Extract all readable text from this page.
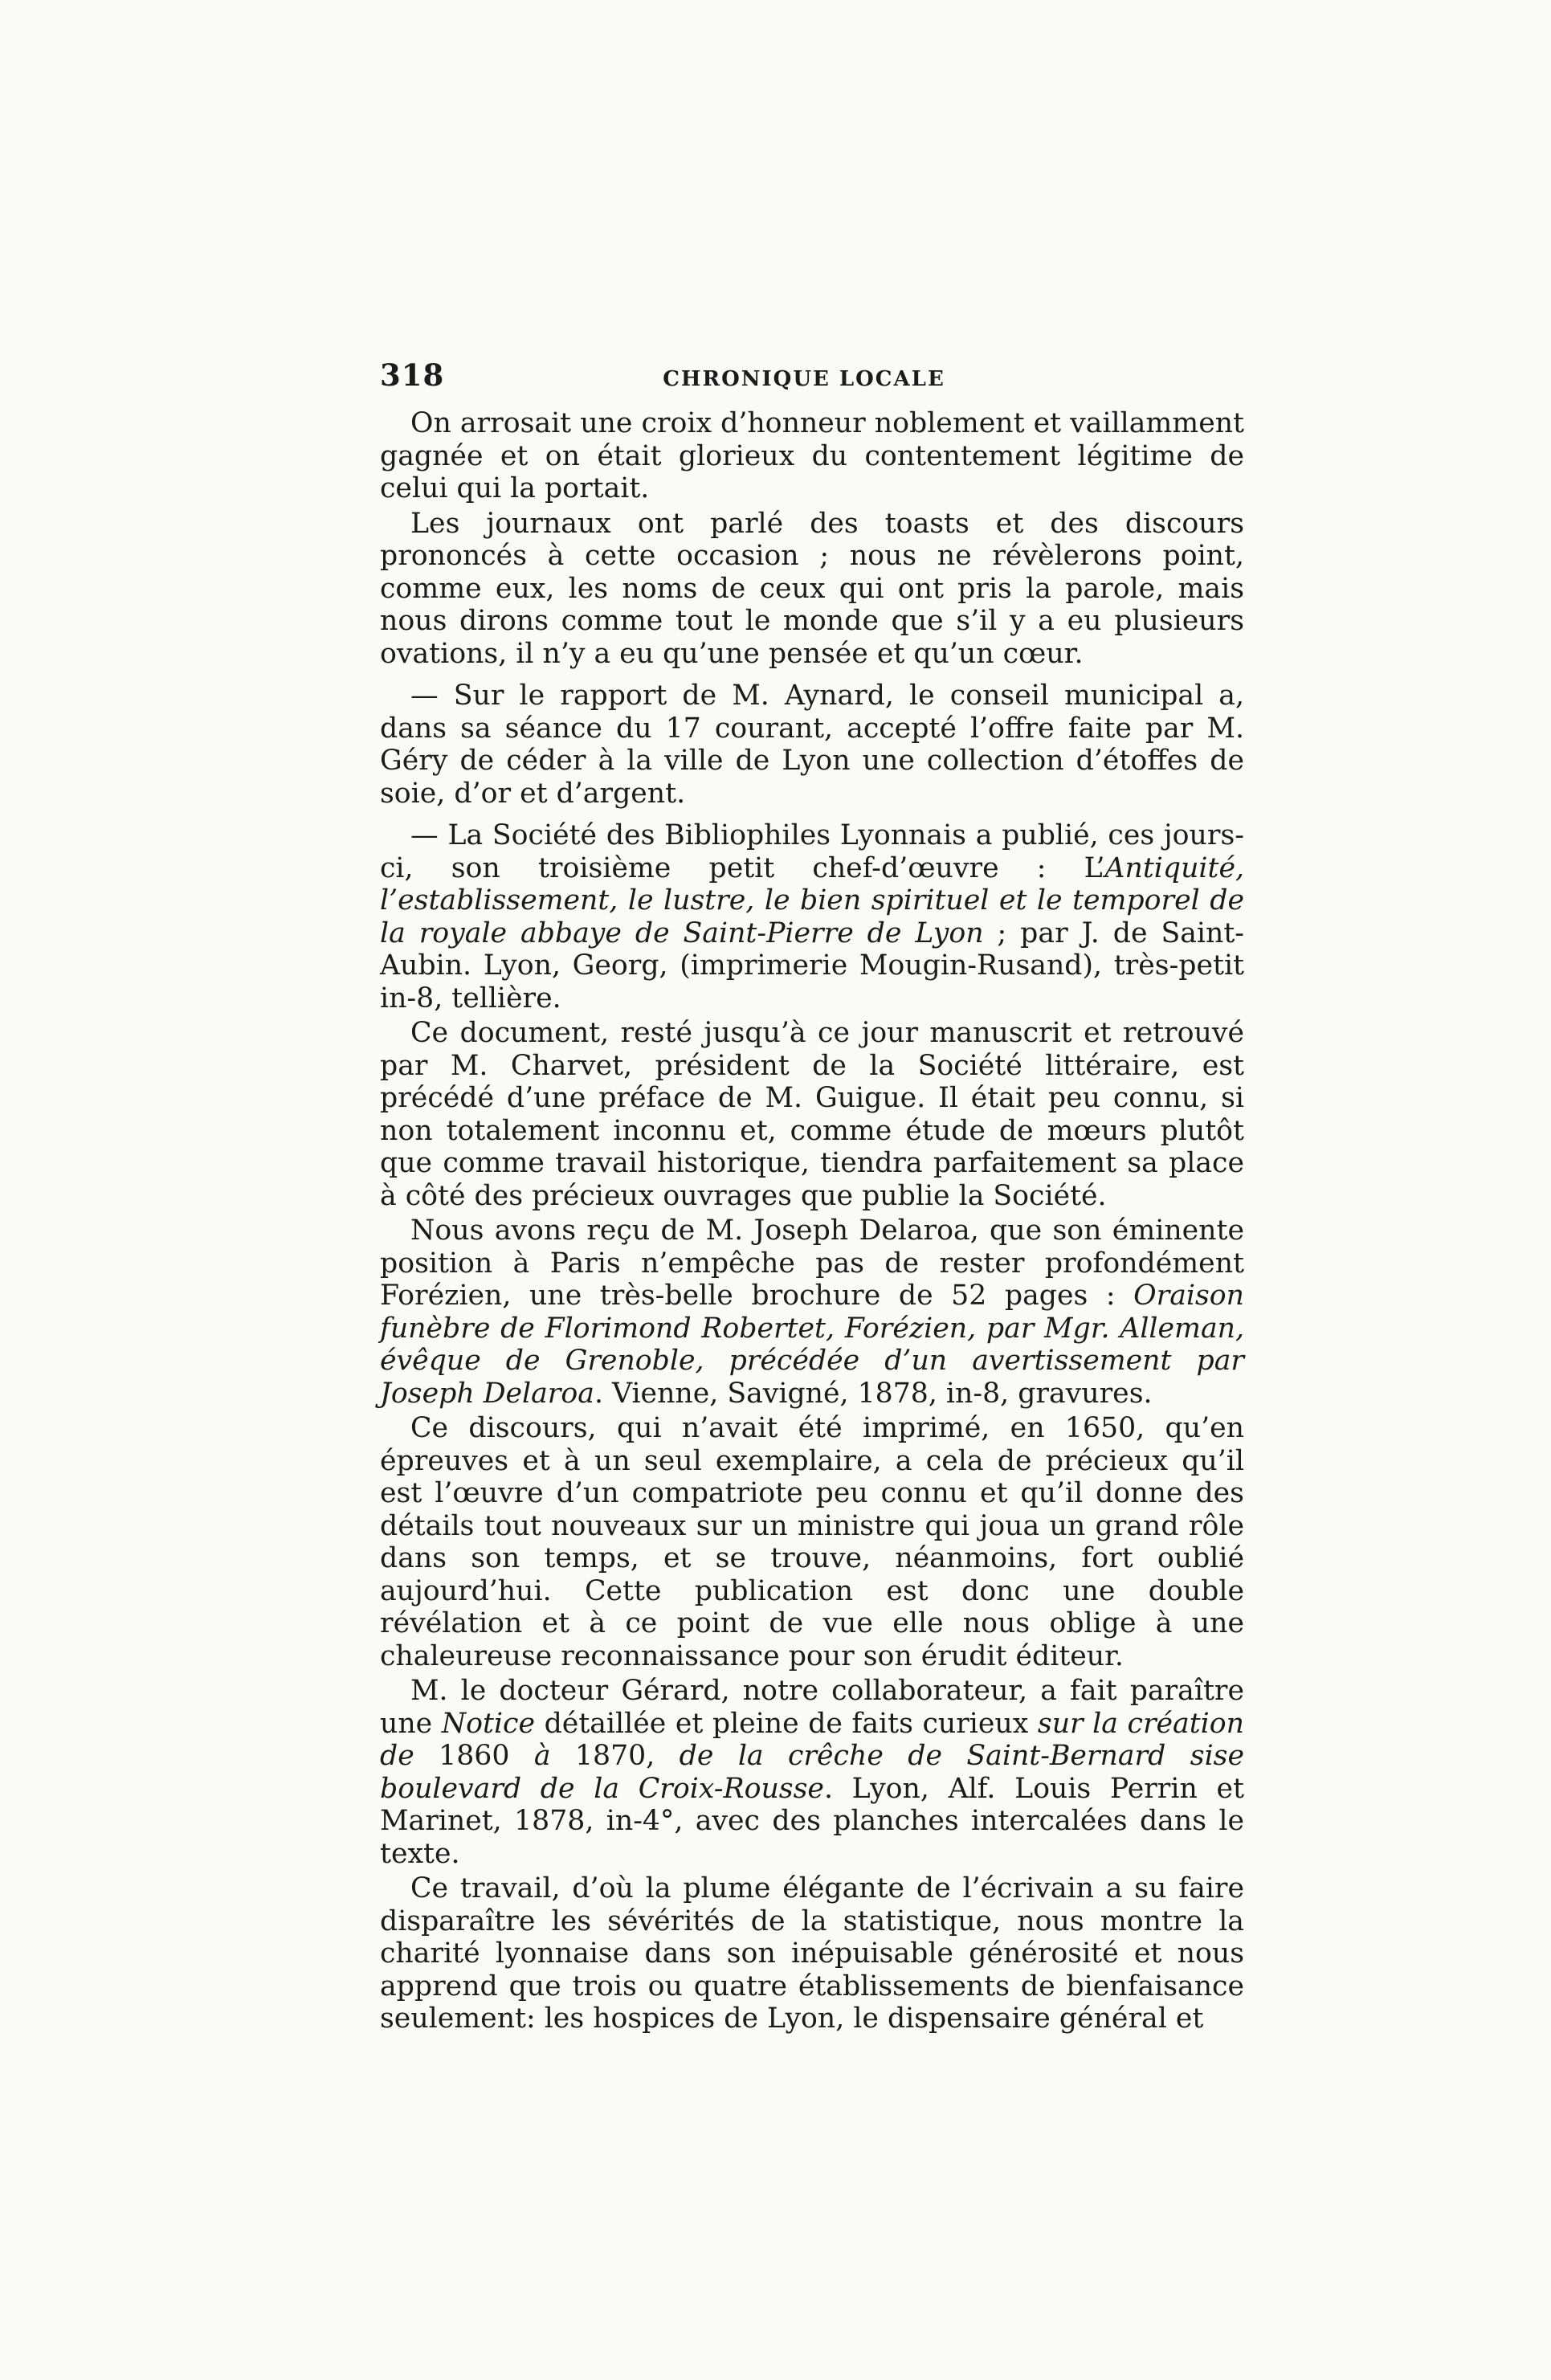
318	CHRONIQUE LOCALE

On arrosait une croix d’honneur noblement et vaillamment gagnée et on était glorieux du contentement légitime de celui qui la portait.

Les journaux ont parlé des toasts et des discours prononcés à cette occasion ; nous ne révèlerons point, comme eux, les noms de ceux qui ont pris la parole, mais nous dirons comme tout le monde que s’il y a eu plusieurs ovations, il n’y a eu qu’une pensée et qu’un cœur.

— Sur le rapport de M. Aynard, le conseil municipal a, dans sa séance du 17 courant, accepté l’offre faite par M. Géry de céder à la ville de Lyon une collection d’étoffes de soie, d’or et d’argent.

— La Société des Bibliophiles Lyonnais a publié, ces jours-ci, son troisième petit chef-d’œuvre : L’Antiquité, l’establissement, le lustre, le bien spirituel et le temporel de la royale abbaye de Saint-Pierre de Lyon ; par J. de Saint-Aubin. Lyon, Georg, (imprimerie Mougin-Rusand), très-petit in-8, tellière.

Ce document, resté jusqu’à ce jour manuscrit et retrouvé par M. Charvet, président de la Société littéraire, est précédé d’une préface de M. Guigue. Il était peu connu, si non totalement inconnu et, comme étude de mœurs plutôt que comme travail historique, tiendra parfaitement sa place à côté des précieux ouvrages que publie la Société.

Nous avons reçu de M. Joseph Delaroa, que son éminente position à Paris n’empêche pas de rester profondément Forézien, une très-belle brochure de 52 pages : Oraison funèbre de Florimond Robertet, Forézien, par Mgr. Alleman, évêque de Grenoble, précédée d’un avertissement par Joseph Delaroa. Vienne, Savigné, 1878, in-8, gravures.

Ce discours, qui n’avait été imprimé, en 1650, qu’en épreuves et à un seul exemplaire, a cela de précieux qu’il est l’œuvre d’un compatriote peu connu et qu’il donne des détails tout nouveaux sur un ministre qui joua un grand rôle dans son temps, et se trouve, néanmoins, fort oublié aujourd’hui. Cette publication est donc une double révélation et à ce point de vue elle nous oblige à une chaleureuse reconnaissance pour son érudit éditeur.

M. le docteur Gérard, notre collaborateur, a fait paraître une Notice détaillée et pleine de faits curieux sur la création de 1860 à 1870, de la crêche de Saint-Bernard sise boulevard de la Croix-Rousse. Lyon, Alf. Louis Perrin et Marinet, 1878, in-4°, avec des planches intercalées dans le texte.

Ce travail, d’où la plume élégante de l’écrivain a su faire disparaître les sévérités de la statistique, nous montre la charité lyonnaise dans son inépuisable générosité et nous apprend que trois ou quatre établissements de bienfaisance seulement: les hospices de Lyon, le dispensaire général et
